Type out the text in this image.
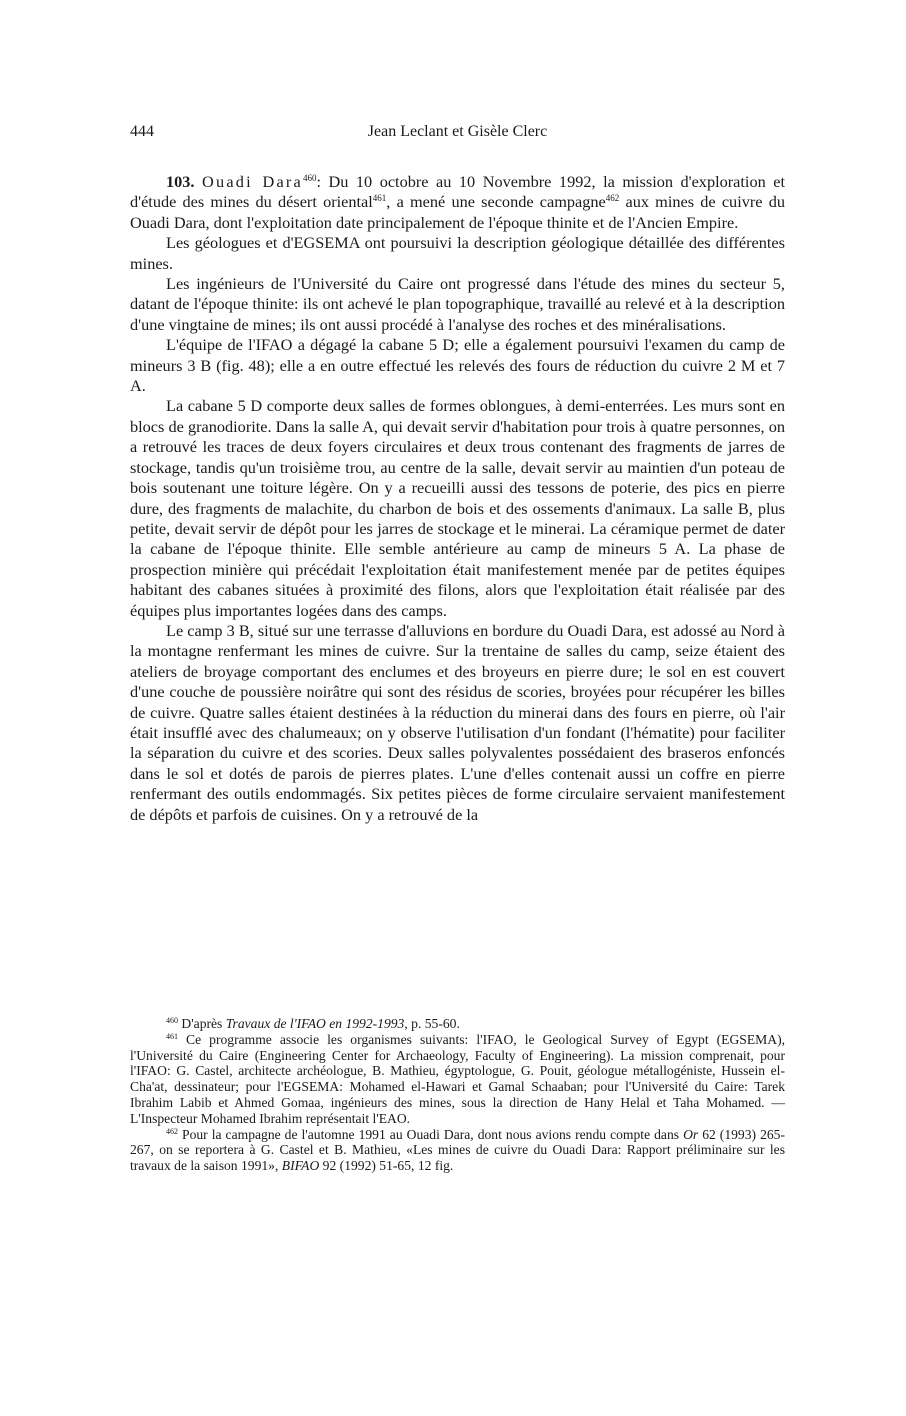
444	Jean Leclant et Gisèle Clerc

103. Ouadi Dara$^{460}$: Du 10 octobre au 10 Novembre 1992, la mission d'exploration et d'étude des mines du désert oriental$^{461}$, a mené une seconde campagne$^{462}$ aux mines de cuivre du Ouadi Dara, dont l'exploitation date principalement de l'époque thinite et de l'Ancien Empire.

Les géologues et d'EGSEMA ont poursuivi la description géologique détaillée des différentes mines.

Les ingénieurs de l'Université du Caire ont progressé dans l'étude des mines du secteur 5, datant de l'époque thinite: ils ont achevé le plan topographique, travaillé au relevé et à la description d'une vingtaine de mines; ils ont aussi procédé à l'analyse des roches et des minéralisations.

L'équipe de l'IFAO a dégagé la cabane 5 D; elle a également poursuivi l'examen du camp de mineurs 3 B (fig. 48); elle a en outre effectué les relevés des fours de réduction du cuivre 2 M et 7 A.

La cabane 5 D comporte deux salles de formes oblongues, à demi-enterrées. Les murs sont en blocs de granodiorite. Dans la salle A, qui devait servir d'habitation pour trois à quatre personnes, on a retrouvé les traces de deux foyers circulaires et deux trous contenant des fragments de jarres de stockage, tandis qu'un troisième trou, au centre de la salle, devait servir au maintien d'un poteau de bois soutenant une toiture légère. On y a recueilli aussi des tessons de poterie, des pics en pierre dure, des fragments de malachite, du charbon de bois et des ossements d'animaux. La salle B, plus petite, devait servir de dépôt pour les jarres de stockage et le minerai. La céramique permet de dater la cabane de l'époque thinite. Elle semble antérieure au camp de mineurs 5 A. La phase de prospection minière qui précédait l'exploitation était manifestement menée par de petites équipes habitant des cabanes situées à proximité des filons, alors que l'exploitation était réalisée par des équipes plus importantes logées dans des camps.

Le camp 3 B, situé sur une terrasse d'alluvions en bordure du Ouadi Dara, est adossé au Nord à la montagne renfermant les mines de cuivre. Sur la trentaine de salles du camp, seize étaient des ateliers de broyage comportant des enclumes et des broyeurs en pierre dure; le sol en est couvert d'une couche de poussière noirâtre qui sont des résidus de scories, broyées pour récupérer les billes de cuivre. Quatre salles étaient destinées à la réduction du minerai dans des fours en pierre, où l'air était insufflé avec des chalumeaux; on y observe l'utilisation d'un fondant (l'hématite) pour faciliter la séparation du cuivre et des scories. Deux salles polyvalentes possédaient des braseros enfoncés dans le sol et dotés de parois de pierres plates. L'une d'elles contenait aussi un coffre en pierre renfermant des outils endommagés. Six petites pièces de forme circulaire servaient manifestement de dépôts et parfois de cuisines. On y a retrouvé de la

$^{460}$ D'après Travaux de l'IFAO en 1992-1993, p. 55-60.

$^{461}$ Ce programme associe les organismes suivants: l'IFAO, le Geological Survey of Egypt (EGSEMA), l'Université du Caire (Engineering Center for Archaeology, Faculty of Engineering). La mission comprenait, pour l'IFAO: G. Castel, architecte archéologue, B. Mathieu, égyptologue, G. Pouit, géologue métallogéniste, Hussein el-Cha'at, dessinateur; pour l'EGSEMA: Mohamed el-Hawari et Gamal Schaaban; pour l'Université du Caire: Tarek Ibrahim Labib et Ahmed Gomaa, ingénieurs des mines, sous la direction de Hany Helal et Taha Mohamed. — L'Inspecteur Mohamed Ibrahim représentait l'EAO.

$^{462}$ Pour la campagne de l'automne 1991 au Ouadi Dara, dont nous avions rendu compte dans Or 62 (1993) 265-267, on se reportera à G. Castel et B. Mathieu, «Les mines de cuivre du Ouadi Dara: Rapport préliminaire sur les travaux de la saison 1991», BIFAO 92 (1992) 51-65, 12 fig.
